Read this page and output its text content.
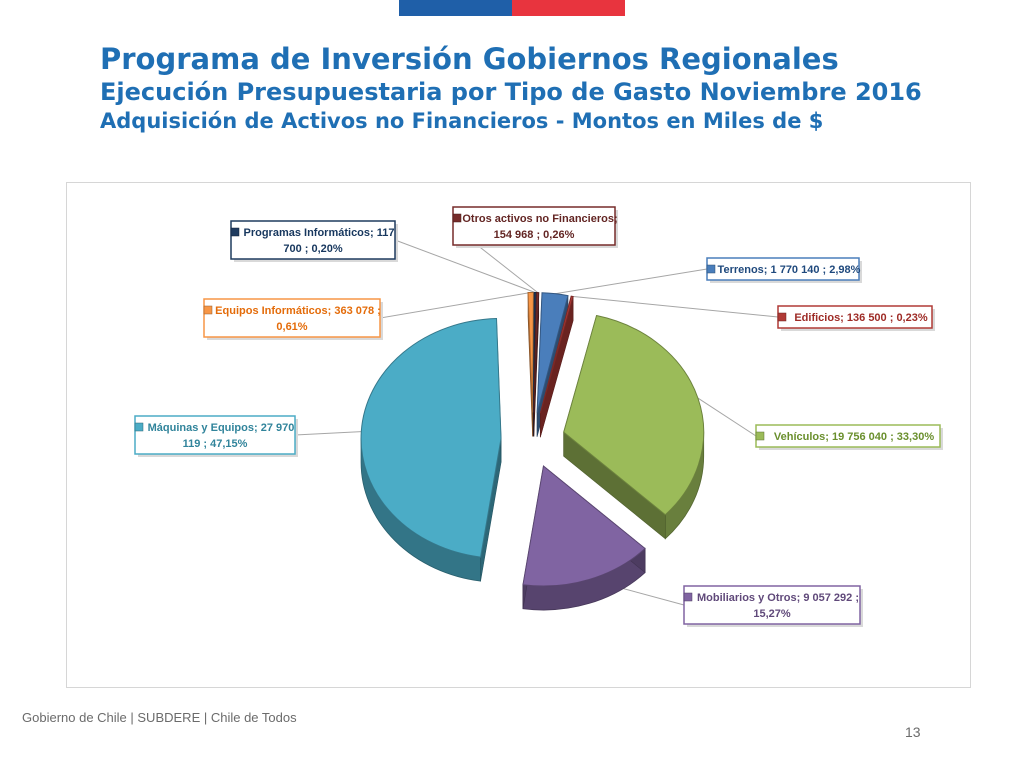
Programa de Inversión Gobiernos Regionales
Ejecución Presupuestaria por Tipo de Gasto Noviembre 2016
Adquisición de Activos no Financieros - Montos en Miles de $
Terrenos; 1 770 140 ; 2,98%
Edificios; 136 500 ; 0,23%
Vehículos; 19 756 040 ; 33,30%
Mobiliarios y Otros; 9 057 292 ;
15,27%
Máquinas y Equipos; 27 970
119 ; 47,15%
Equipos Informáticos; 363 078 ;
0,61%
Programas Informáticos; 117
700 ; 0,20%
Otros activos no Financieros;
154 968 ; 0,26%
Gobierno de Chile | SUBDERE | Chile de Todos
13
